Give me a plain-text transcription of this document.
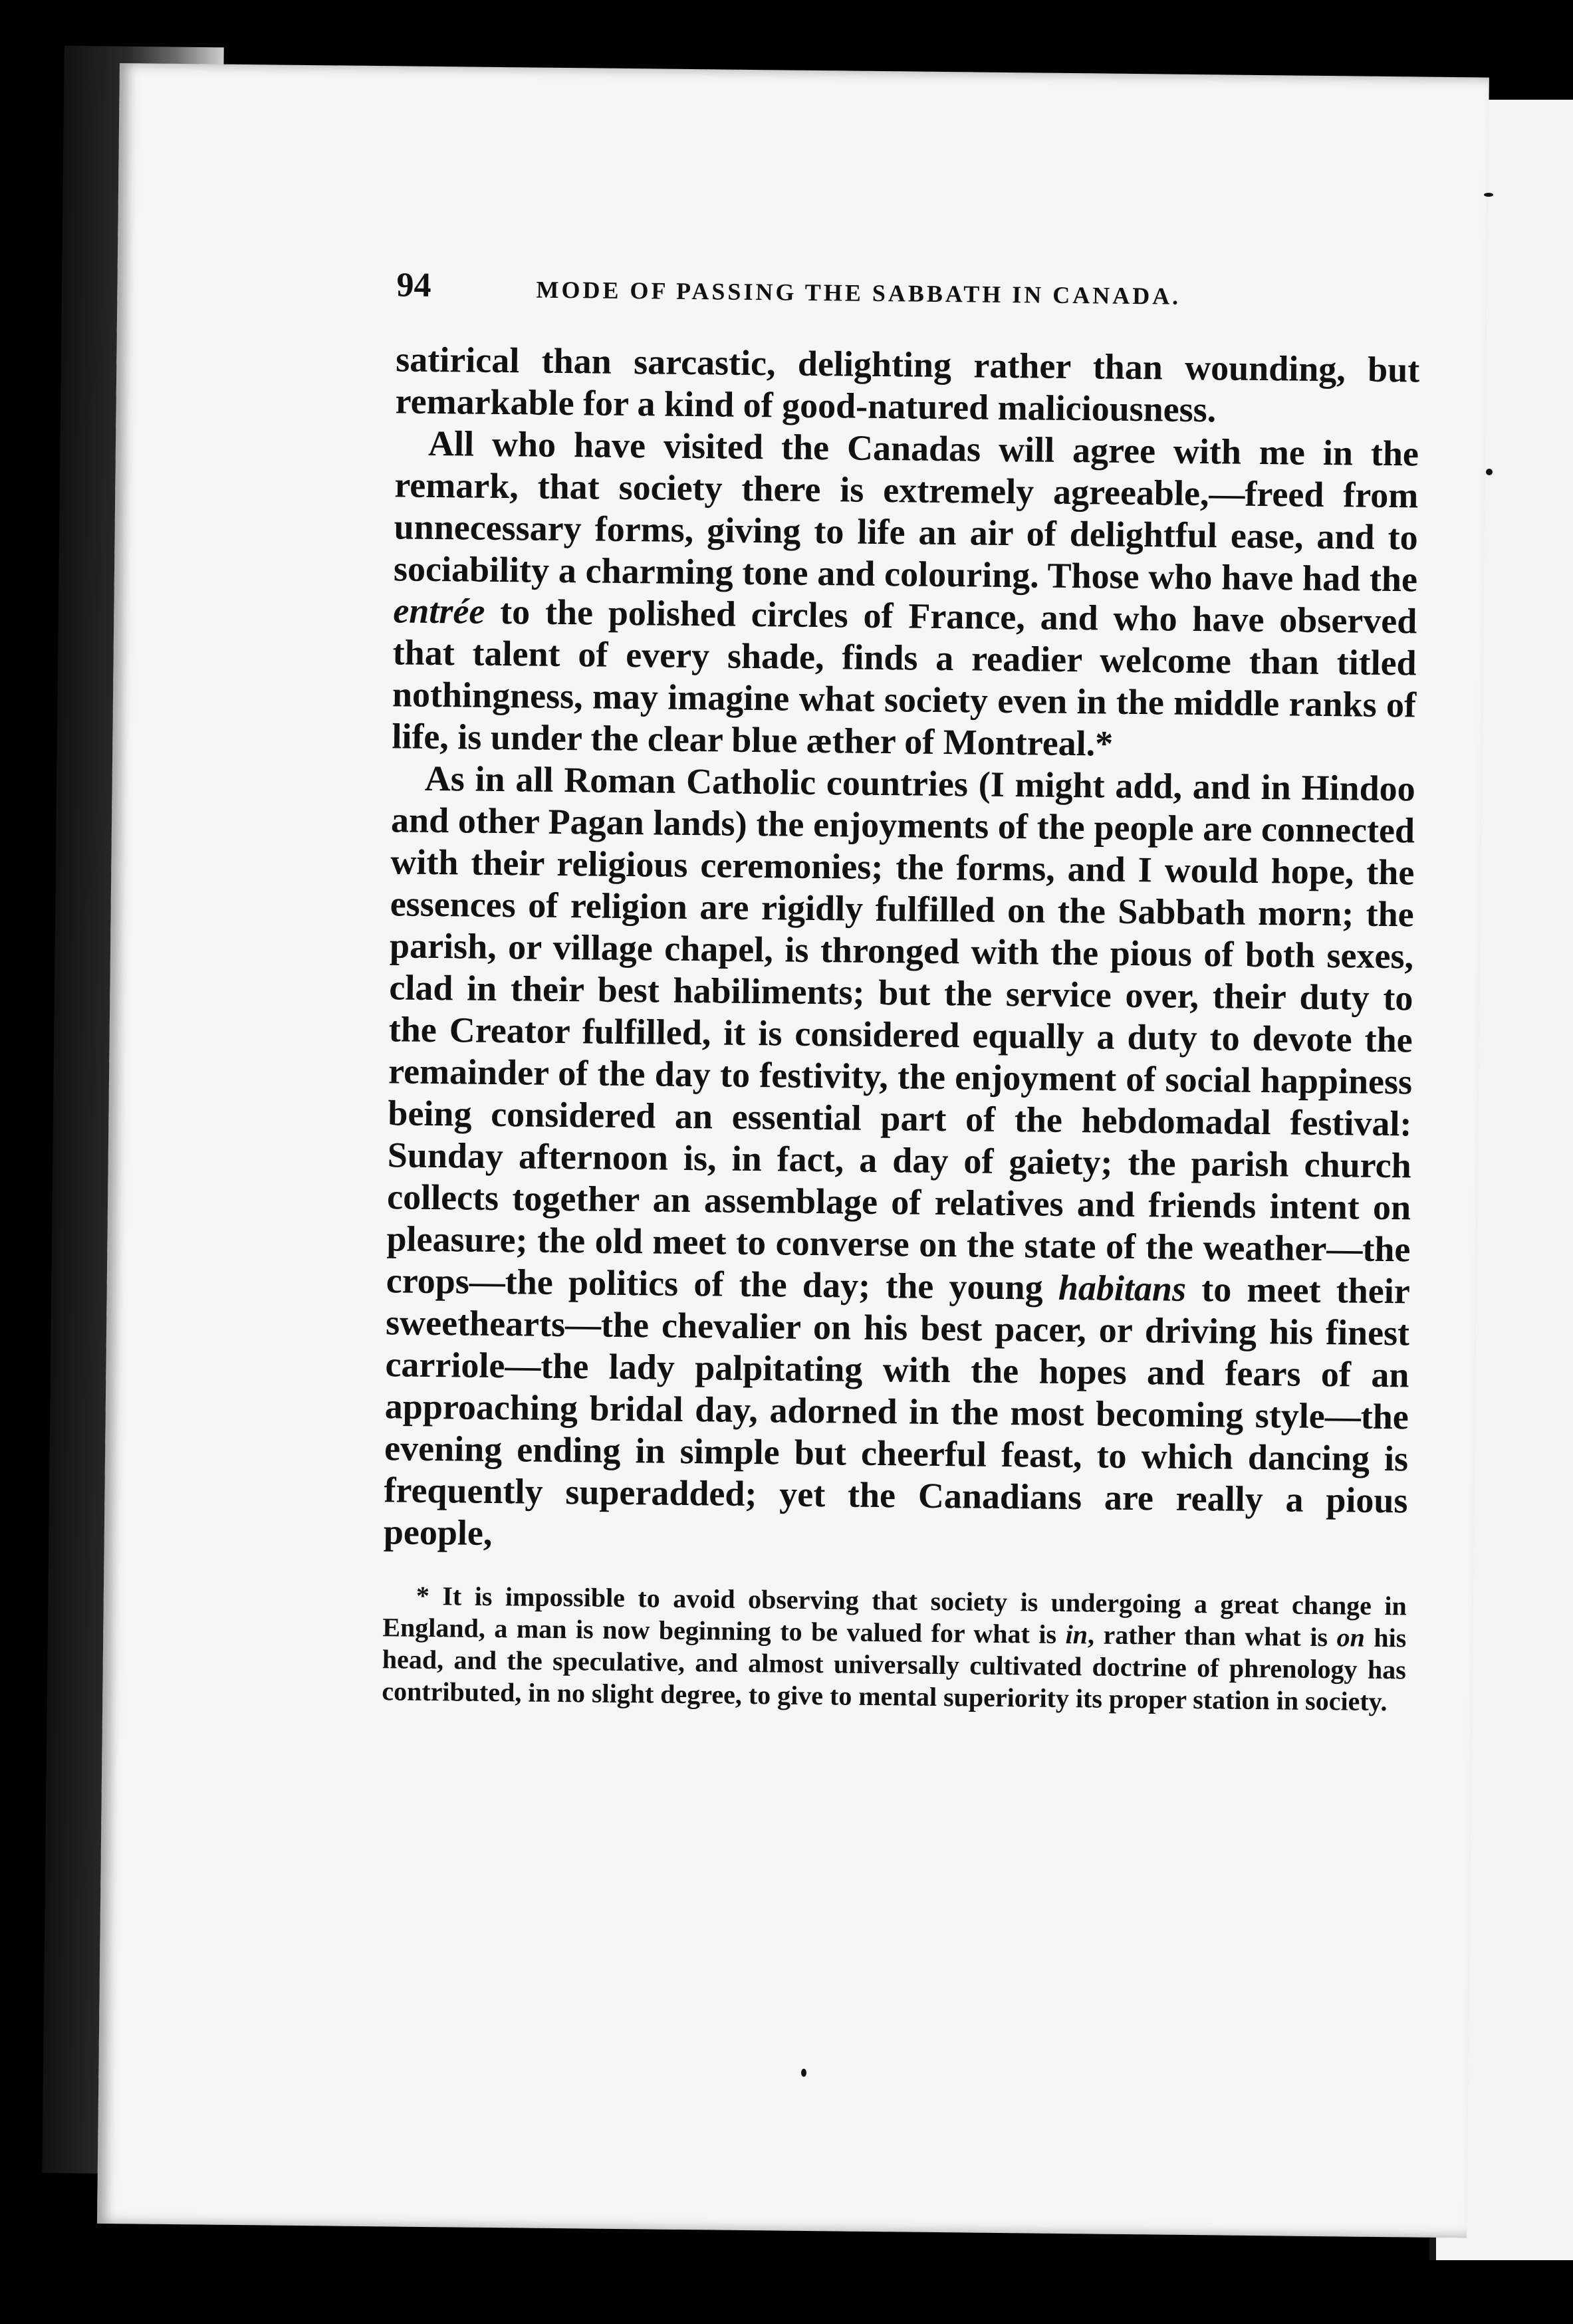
94	MODE OF PASSING THE SABBATH IN CANADA.

satirical than sarcastic, delighting rather than wounding, but remarkable for a kind of good-natured maliciousness.

All who have visited the Canadas will agree with me in the remark, that society there is extremely agreeable,—freed from unnecessary forms, giving to life an air of delightful ease, and to sociability a charming tone and colouring. Those who have had the entrée to the polished circles of France, and who have observed that talent of every shade, finds a readier welcome than titled nothingness, may imagine what society even in the middle ranks of life, is under the clear blue æther of Montreal.*

As in all Roman Catholic countries (I might add, and in Hindoo and other Pagan lands) the enjoyments of the people are connected with their religious ceremonies; the forms, and I would hope, the essences of religion are rigidly fulfilled on the Sabbath morn; the parish, or village chapel, is thronged with the pious of both sexes, clad in their best habiliments; but the service over, their duty to the Creator fulfilled, it is considered equally a duty to devote the remainder of the day to festivity, the enjoyment of social happiness being considered an essential part of the hebdomadal festival: Sunday afternoon is, in fact, a day of gaiety; the parish church collects together an assemblage of relatives and friends intent on pleasure; the old meet to converse on the state of the weather—the crops—the politics of the day; the young habitans to meet their sweethearts—the chevalier on his best pacer, or driving his finest carriole—the lady palpitating with the hopes and fears of an approaching bridal day, adorned in the most becoming style—the evening ending in simple but cheerful feast, to which dancing is frequently superadded; yet the Canadians are really a pious people,

* It is impossible to avoid observing that society is undergoing a great change in England, a man is now beginning to be valued for what is in, rather than what is on his head, and the speculative, and almost universally cultivated doctrine of phrenology has contributed, in no slight degree, to give to mental superiority its proper station in society.
